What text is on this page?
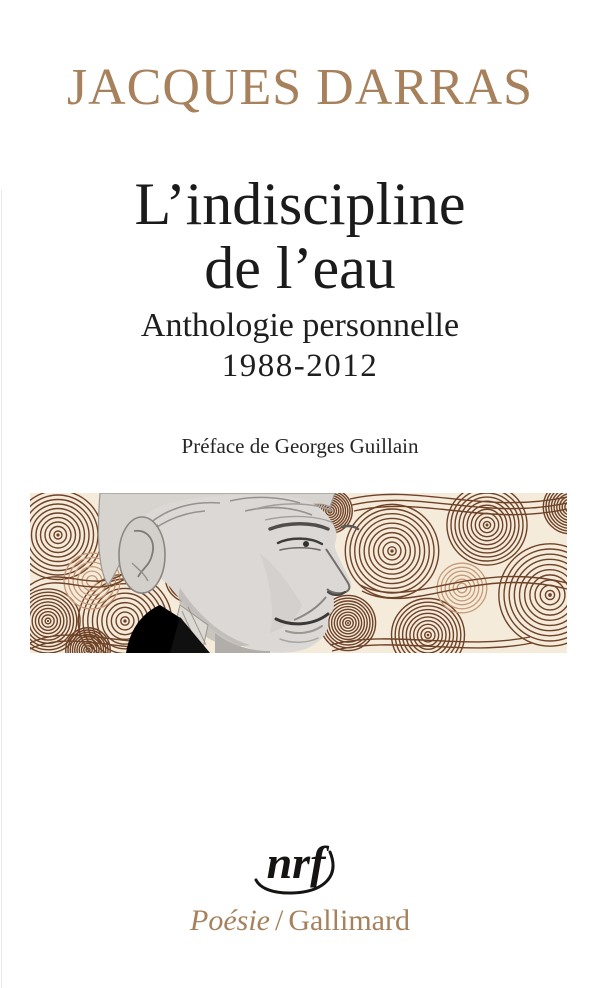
JACQUES DARRAS
L’indiscipline
de l’eau
Anthologie personnelle
1988-2012
Préface de Georges Guillain
nrf
Poésie / Gallimard
